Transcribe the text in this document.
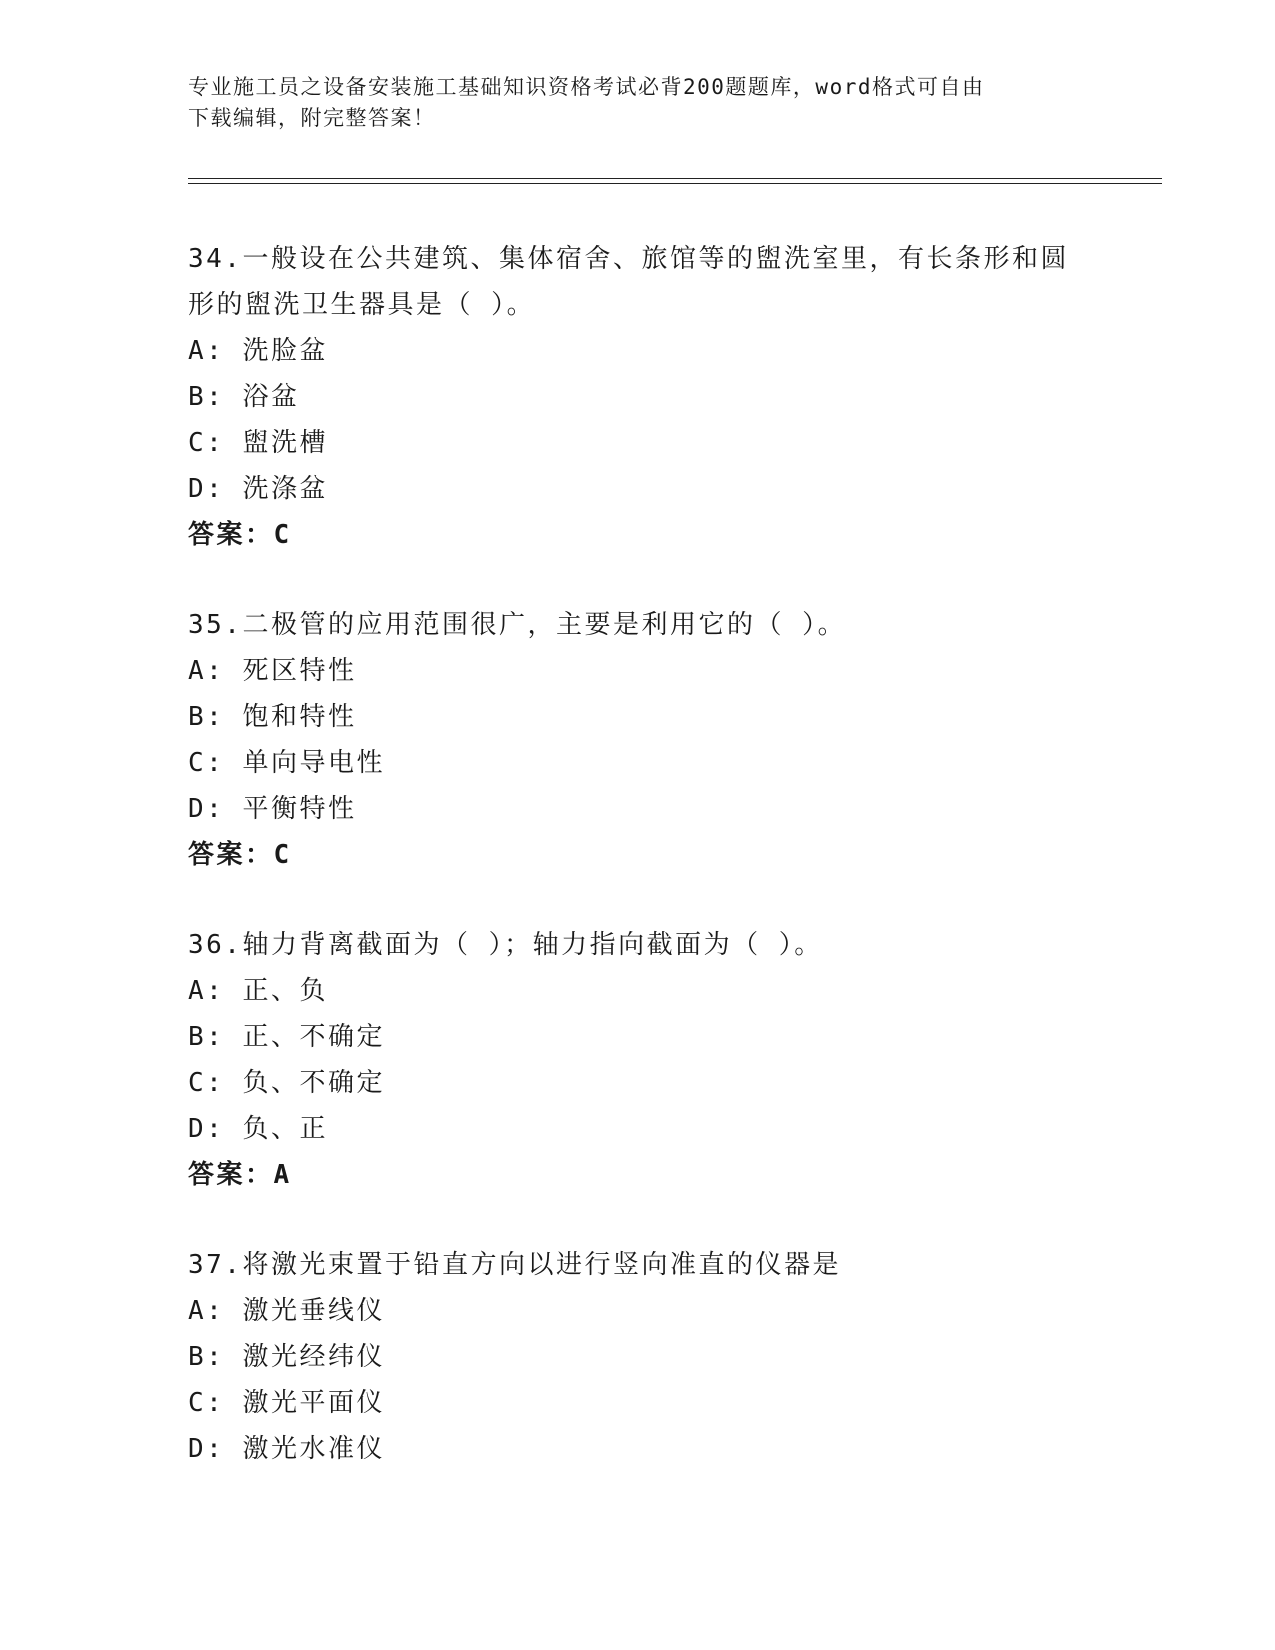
专业施工员之设备安装施工基础知识资格考试必背200题题库，word格式可自由
下载编辑，附完整答案！
34.一般设在公共建筑、集体宿舍、旅馆等的盥洗室里，有长条形和圆
形的盥洗卫生器具是（ ）。
A: 洗脸盆
B: 浴盆
C: 盥洗槽
D: 洗涤盆
答案：C
35.二极管的应用范围很广，主要是利用它的（ ）。
A: 死区特性
B: 饱和特性
C: 单向导电性
D: 平衡特性
答案：C
36.轴力背离截面为（ ）；轴力指向截面为（ ）。
A: 正、负
B: 正、不确定
C: 负、不确定
D: 负、正
答案：A
37.将激光束置于铅直方向以进行竖向准直的仪器是
A: 激光垂线仪
B: 激光经纬仪
C: 激光平面仪
D: 激光水准仪
